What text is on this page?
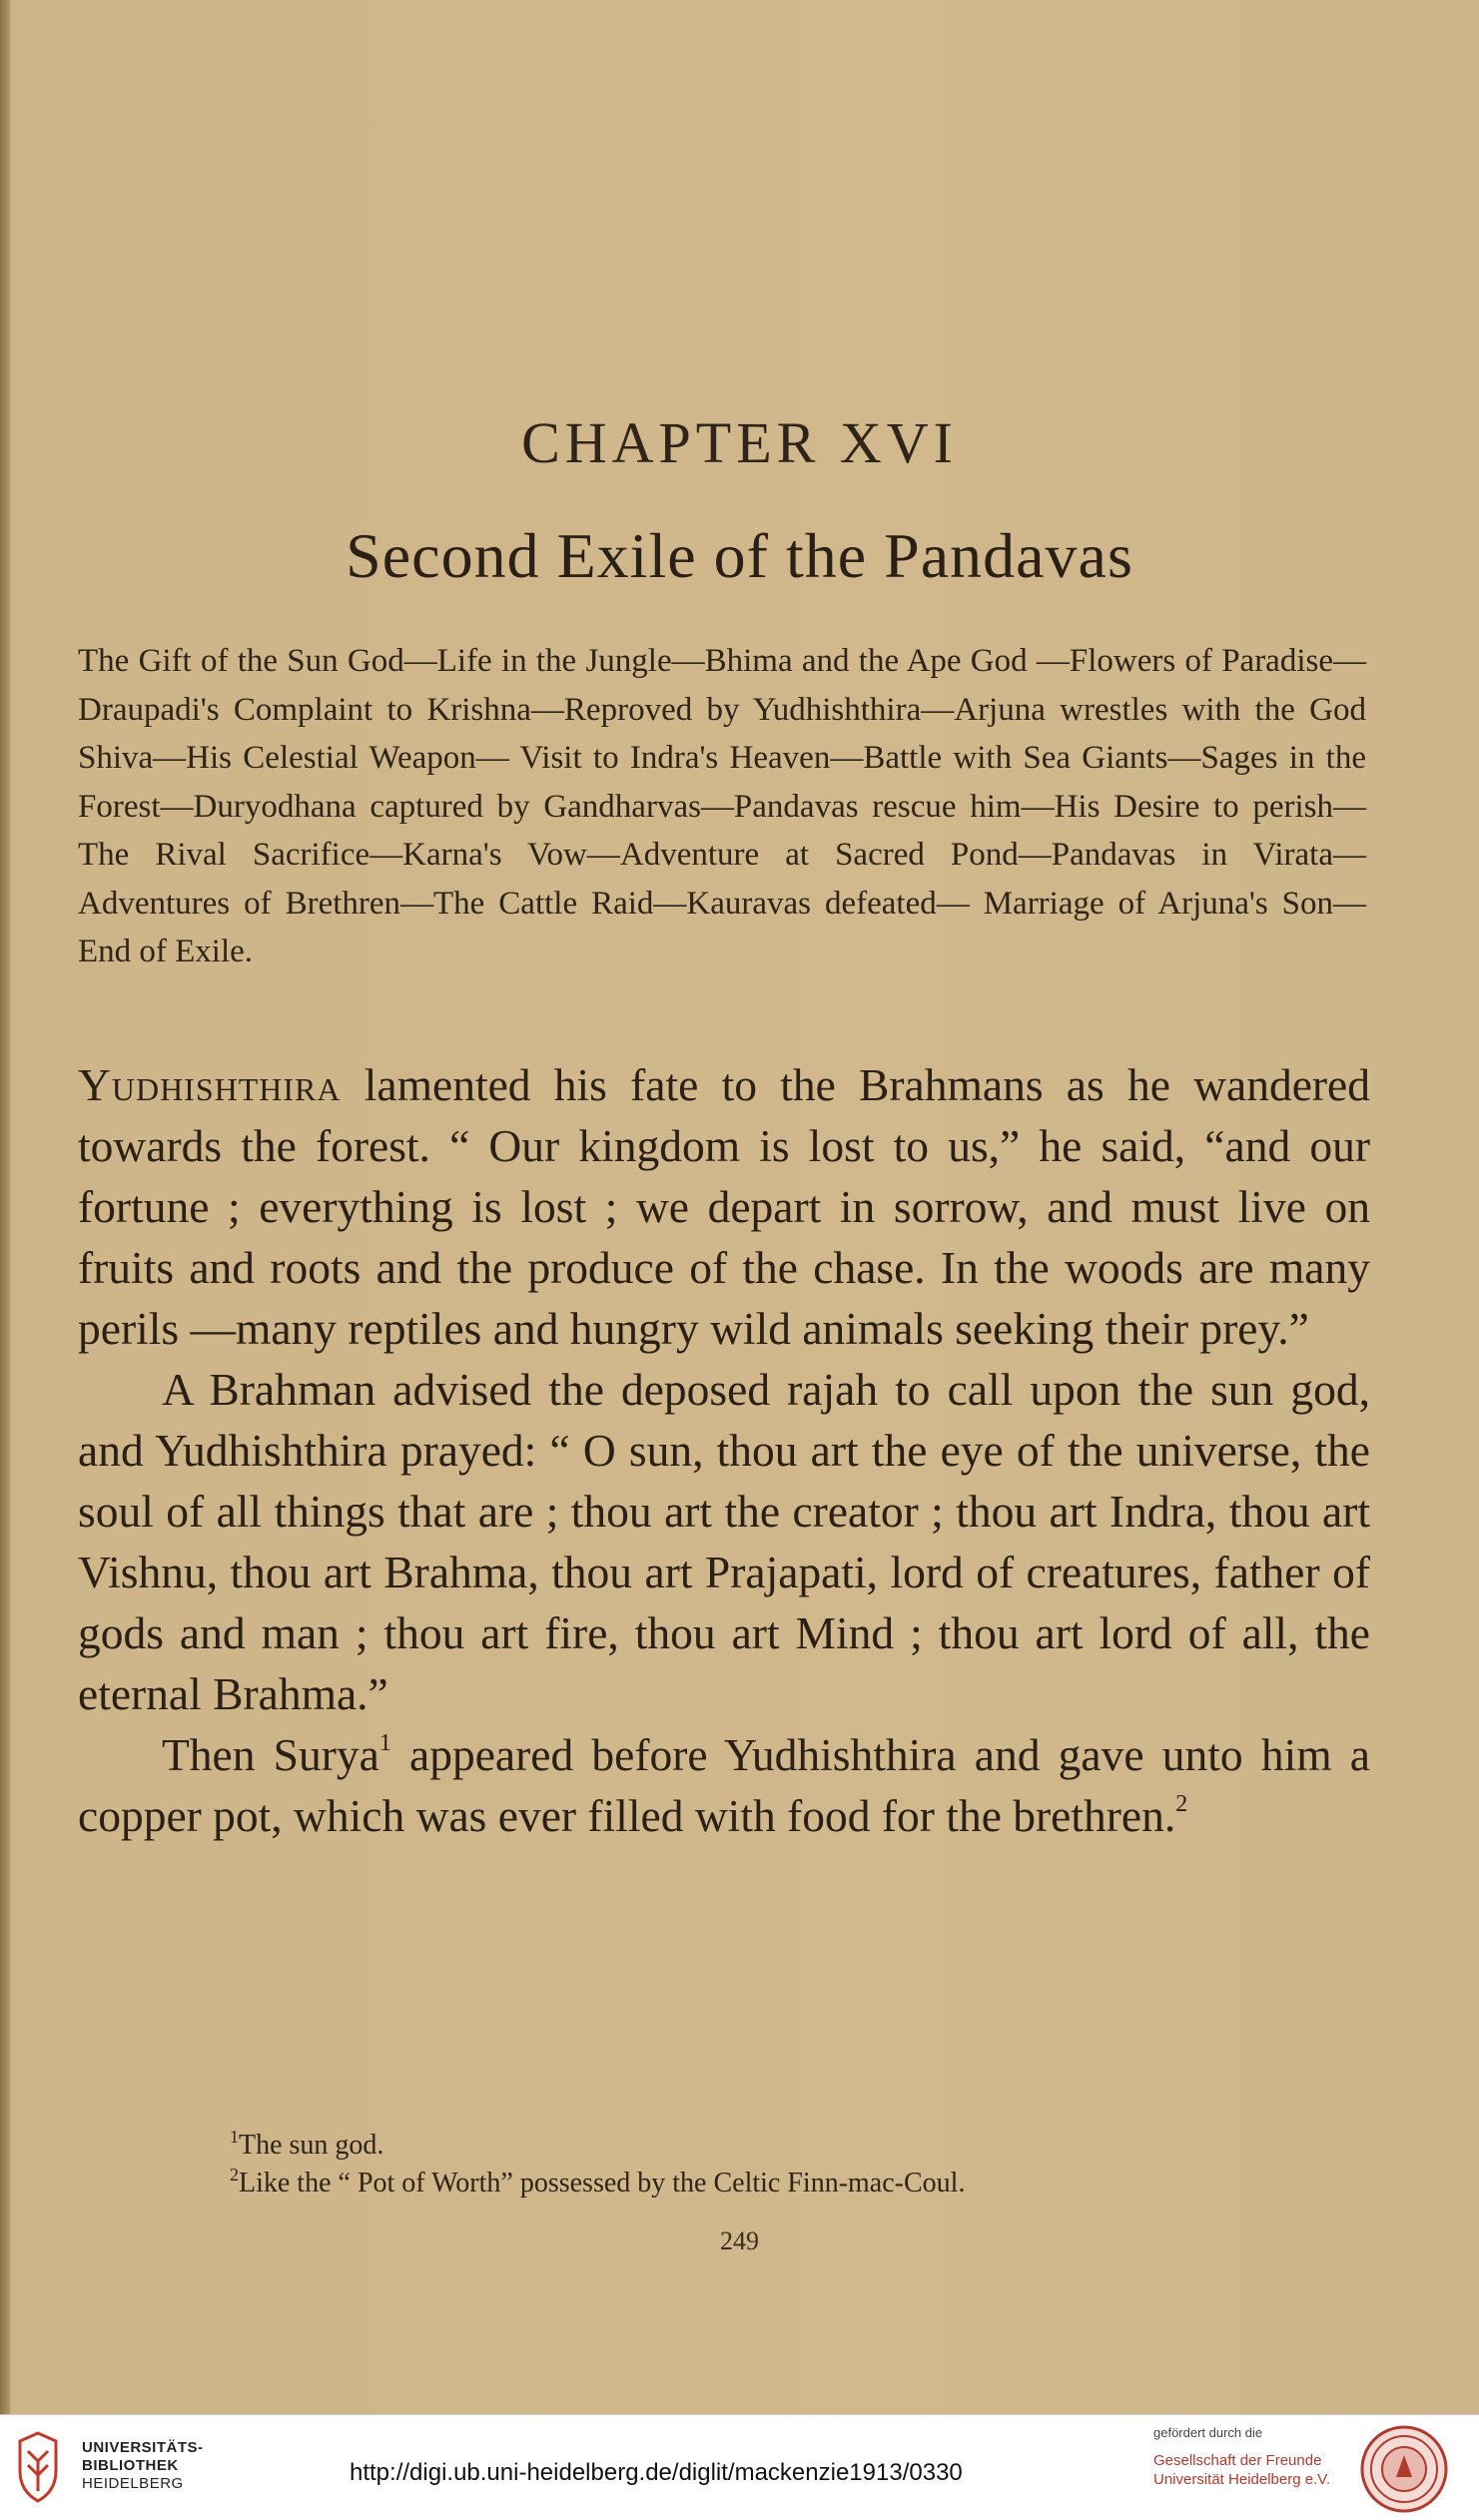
CHAPTER XVI
Second Exile of the Pandavas
The Gift of the Sun God—Life in the Jungle—Bhima and the Ape God —Flowers of Paradise—Draupadi's Complaint to Krishna—Reproved by Yudhishthira—Arjuna wrestles with the God Shiva—His Celestial Weapon— Visit to Indra's Heaven—Battle with Sea Giants—Sages in the Forest—Duryodhana captured by Gandharvas—Pandavas rescue him—His Desire to perish— The Rival Sacrifice—Karna's Vow—Adventure at Sacred Pond—Pandavas in Virata—Adventures of Brethren—The Cattle Raid—Kauravas defeated— Marriage of Arjuna's Son—End of Exile.

Yudhishthira lamented his fate to the Brahmans as he wandered towards the forest. “ Our kingdom is lost to us,” he said, “and our fortune ; everything is lost ; we depart in sorrow, and must live on fruits and roots and the produce of the chase. In the woods are many perils —many reptiles and hungry wild animals seeking their prey.”

A Brahman advised the deposed rajah to call upon the sun god, and Yudhishthira prayed: “ O sun, thou art the eye of the universe, the soul of all things that are ; thou art the creator ; thou art Indra, thou art Vishnu, thou art Brahma, thou art Prajapati, lord of creatures, father of gods and man ; thou art fire, thou art Mind ; thou art lord of all, the eternal Brahma.”

Then Surya$^1$ appeared before Yudhishthira and gave unto him a copper pot, which was ever filled with food for the brethren.$^2$

$^1$The sun god.
$^2$Like the “ Pot of Worth” possessed by the Celtic Finn-mac-Coul.
249
UNIVERSITÄTS-
BIBLIOTHEK
HEIDELBERG	http://digi.ub.uni-heidelberg.de/diglit/mackenzie1913/0330
gefördert durch die
Gesellschaft der Freunde
Universität Heidelberg e.V.
